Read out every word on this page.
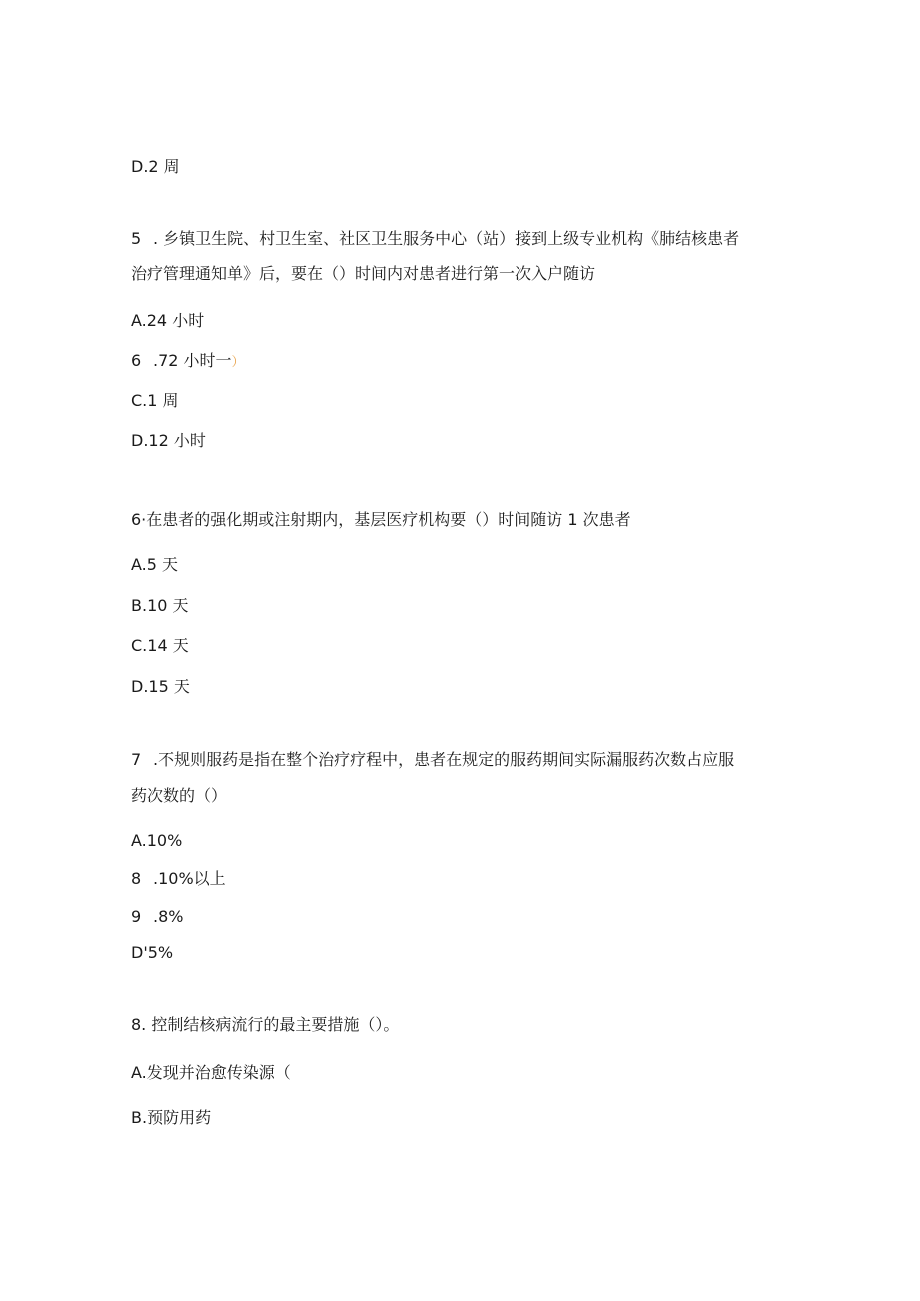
D.2 周
5 . 乡镇卫生院、村卫生室、社区卫生服务中心（站）接到上级专业机构《肺结核患者
治疗管理通知单》后，要在（）时间内对患者进行第一次入户随访
A.24 小时
6 .72 小时一）
C.1 周
D.12 小时
6·在患者的强化期或注射期内，基层医疗机构要（）时间随访 1 次患者
A.5 天
B.10 天
C.14 天
D.15 天
7 .不规则服药是指在整个治疗疗程中，患者在规定的服药期间实际漏服药次数占应服
药次数的（）
A.10%
8 .10%以上
9 .8%
D'5%
8. 控制结核病流行的最主要措施（）。
A.发现并治愈传染源（
B.预防用药
